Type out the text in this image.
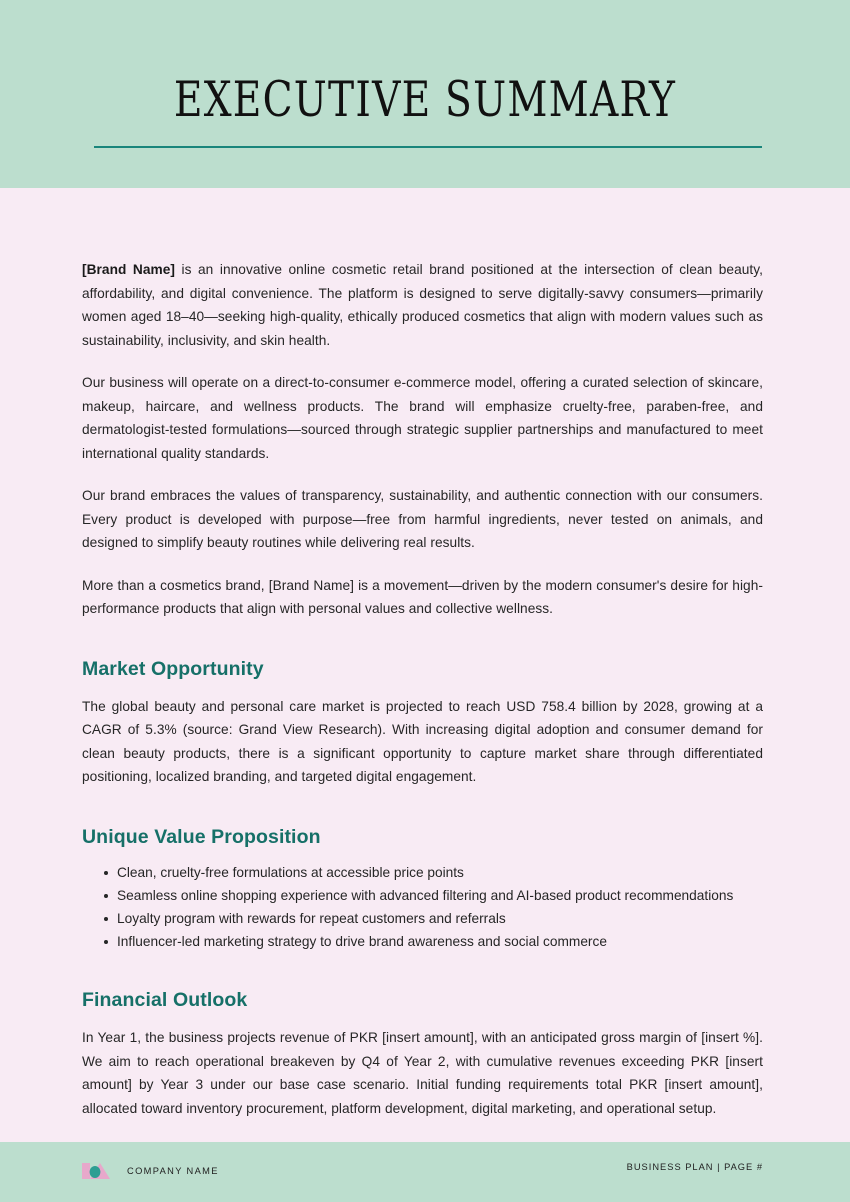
EXECUTIVE SUMMARY

[Brand Name] is an innovative online cosmetic retail brand positioned at the intersection of clean beauty, affordability, and digital convenience. The platform is designed to serve digitally-savvy consumers—primarily women aged 18–40—seeking high-quality, ethically produced cosmetics that align with modern values such as sustainability, inclusivity, and skin health.

Our business will operate on a direct-to-consumer e-commerce model, offering a curated selection of skincare, makeup, haircare, and wellness products. The brand will emphasize cruelty-free, paraben-free, and dermatologist-tested formulations—sourced through strategic supplier partnerships and manufactured to meet international quality standards.

Our brand embraces the values of transparency, sustainability, and authentic connection with our consumers. Every product is developed with purpose—free from harmful ingredients, never tested on animals, and designed to simplify beauty routines while delivering real results.

More than a cosmetics brand, [Brand Name] is a movement—driven by the modern consumer's desire for high-performance products that align with personal values and collective wellness.

Market Opportunity

The global beauty and personal care market is projected to reach USD 758.4 billion by 2028, growing at a CAGR of 5.3% (source: Grand View Research). With increasing digital adoption and consumer demand for clean beauty products, there is a significant opportunity to capture market share through differentiated positioning, localized branding, and targeted digital engagement.

Unique Value Proposition
Clean, cruelty-free formulations at accessible price points
Seamless online shopping experience with advanced filtering and AI-based product recommendations
Loyalty program with rewards for repeat customers and referrals
Influencer-led marketing strategy to drive brand awareness and social commerce
Financial Outlook

In Year 1, the business projects revenue of PKR [insert amount], with an anticipated gross margin of [insert %]. We aim to reach operational breakeven by Q4 of Year 2, with cumulative revenues exceeding PKR [insert amount] by Year 3 under our base case scenario. Initial funding requirements total PKR [insert amount], allocated toward inventory procurement, platform development, digital marketing, and operational setup.

COMPANY NAME	BUSINESS PLAN | PAGE #
